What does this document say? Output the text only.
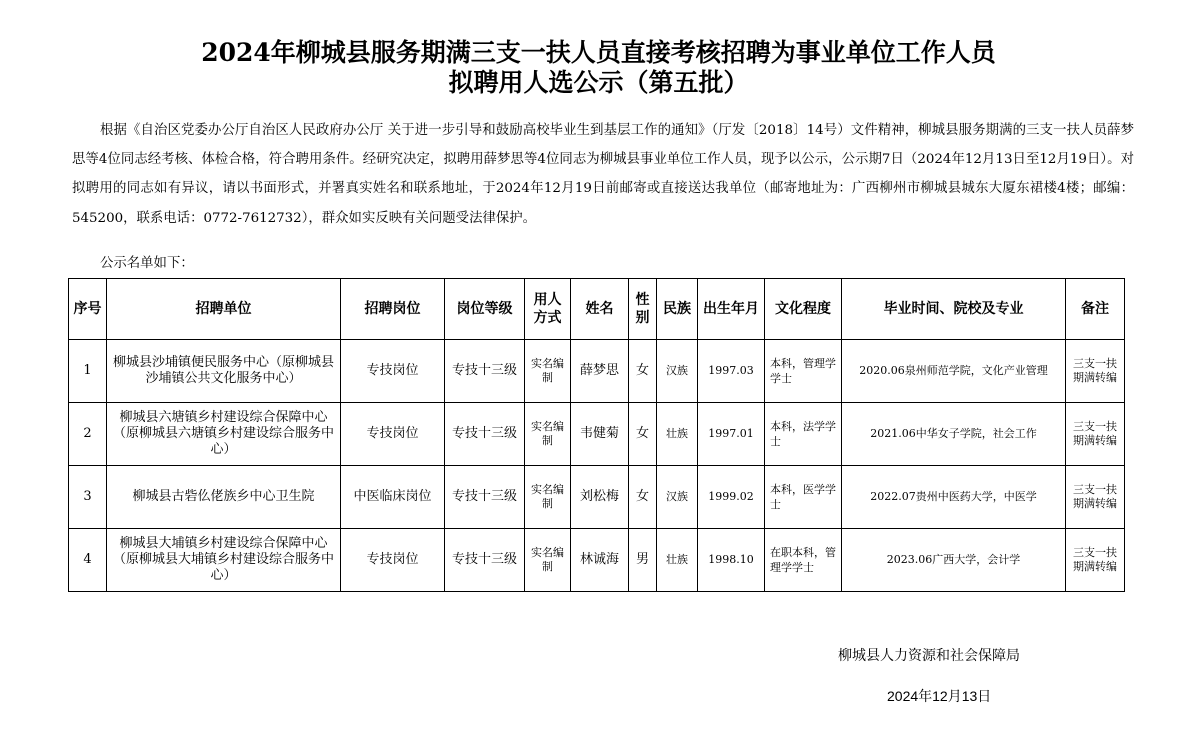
2024年柳城县服务期满三支一扶人员直接考核招聘为事业单位工作人员
拟聘用人选公示（第五批）
根据《自治区党委办公厅自治区人民政府办公厅 关于进一步引导和鼓励高校毕业生到基层工作的通知》（厅发〔2018〕14号）文件精神，柳城县服务期满的三支一扶人员薛梦思等4位同志经考核、体检合格，符合聘用条件。经研究决定，拟聘用薛梦思等4位同志为柳城县事业单位工作人员，现予以公示，公示期7日（2024年12月13日至12月19日）。对拟聘用的同志如有异议，请以书面形式，并署真实姓名和联系地址，于2024年12月19日前邮寄或直接送达我单位（邮寄地址为：广西柳州市柳城县城东大厦东裙楼4楼；邮编：545200，联系电话：0772-7612732），群众如实反映有关问题受法律保护。
公示名单如下：
序号	招聘单位	招聘岗位	岗位等级	用人方式	姓名	性别	民族	出生年月	文化程度	毕业时间、院校及专业	备注
1	柳城县沙埔镇便民服务中心（原柳城县沙埔镇公共文化服务中心）	专技岗位	专技十三级	实名编制	薛梦思	女	汉族	1997.03	本科，管理学学士	2020.06泉州师范学院，文化产业管理	三支一扶期满转编
2	柳城县六塘镇乡村建设综合保障中心（原柳城县六塘镇乡村建设综合服务中心）	专技岗位	专技十三级	实名编制	韦健菊	女	壮族	1997.01	本科，法学学士	2021.06中华女子学院，社会工作	三支一扶期满转编
3	柳城县古砦仫佬族乡中心卫生院	中医临床岗位	专技十三级	实名编制	刘松梅	女	汉族	1999.02	本科，医学学士	2022.07贵州中医药大学，中医学	三支一扶期满转编
4	柳城县大埔镇乡村建设综合保障中心（原柳城县大埔镇乡村建设综合服务中心）	专技岗位	专技十三级	实名编制	林诚海	男	壮族	1998.10	在职本科，管理学学士	2023.06广西大学，会计学	三支一扶期满转编
柳城县人力资源和社会保障局
2024年12月13日
